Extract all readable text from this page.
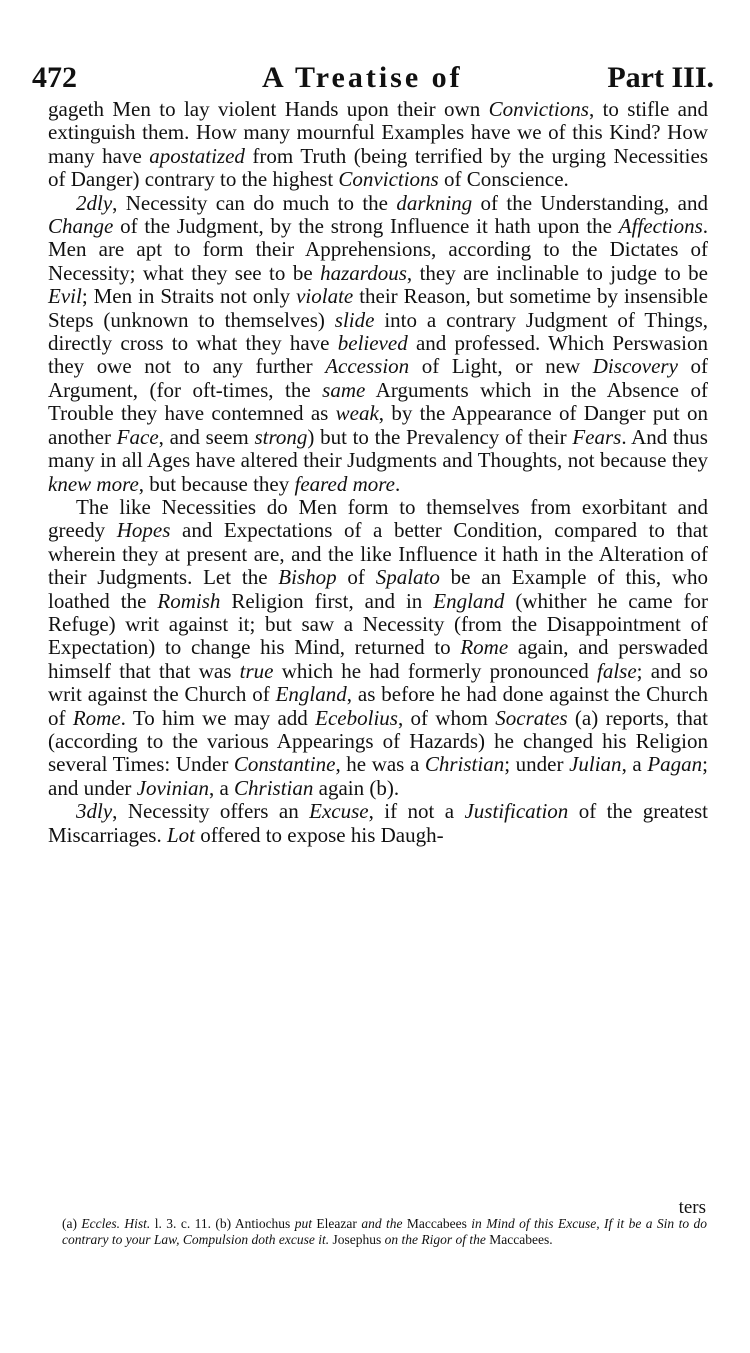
472	A Treatise of	Part III.

gageth Men to lay violent Hands upon their own Convictions, to stifle and extinguish them. How many mournful Examples have we of this Kind? How many have apostatized from Truth (being terrified by the urging Necessities of Danger) contrary to the highest Convictions of Conscience.

2dly, Necessity can do much to the darkning of the Understanding, and Change of the Judgment, by the strong Influence it hath upon the Affections. Men are apt to form their Apprehensions, according to the Dictates of Necessity; what they see to be hazardous, they are inclinable to judge to be Evil; Men in Straits not only violate their Reason, but sometime by insensible Steps (unknown to themselves) slide into a contrary Judgment of Things, directly cross to what they have believed and professed. Which Perswasion they owe not to any further Accession of Light, or new Discovery of Argument, (for oft-times, the same Arguments which in the Absence of Trouble they have contemned as weak, by the Appearance of Danger put on another Face, and seem strong) but to the Prevalency of their Fears. And thus many in all Ages have altered their Judgments and Thoughts, not because they knew more, but because they feared more.

The like Necessities do Men form to themselves from exorbitant and greedy Hopes and Expectations of a better Condition, compared to that wherein they at present are, and the like Influence it hath in the Alteration of their Judgments. Let the Bishop of Spalato be an Example of this, who loathed the Romish Religion first, and in England (whither he came for Refuge) writ against it; but saw a Necessity (from the Disappointment of Expectation) to change his Mind, returned to Rome again, and perswaded himself that that was true which he had formerly pronounced false; and so writ against the Church of England, as before he had done against the Church of Rome. To him we may add Ecebolius, of whom Socrates (a) reports, that (according to the various Appearings of Hazards) he changed his Religion several Times: Under Constantine, he was a Christian; under Julian, a Pagan; and under Jovinian, a Christian again (b).

3dly, Necessity offers an Excuse, if not a Justification of the greatest Miscarriages. Lot offered to expose his Daugh-

ters
(a) Eccles. Hist. l. 3. c. 11. (b) Antiochus put Eleazar and the Maccabees in Mind of this Excuse, If it be a Sin to do contrary to your Law, Compulsion doth excuse it. Josephus on the Rigor of the Maccabees.
